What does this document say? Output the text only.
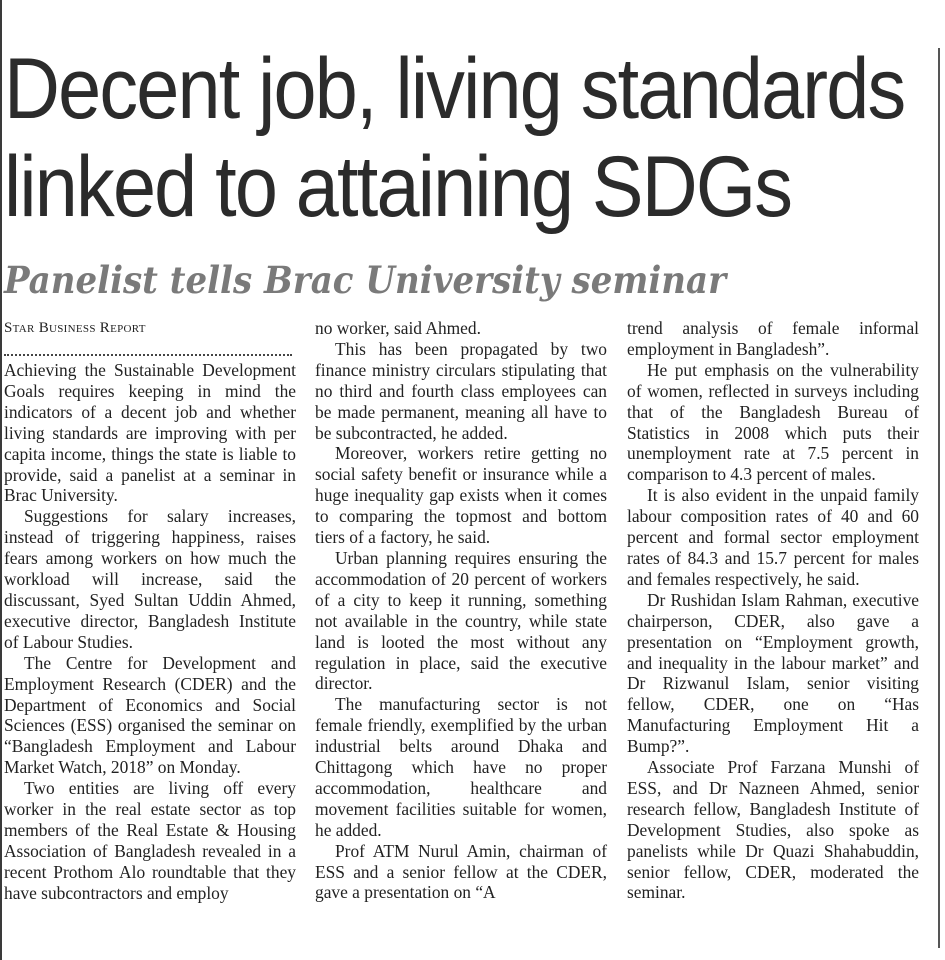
Decent job, living standards
linked to attaining SDGs
Panelist tells Brac University seminar

Star Business Report

Achieving the Sustainable Development Goals requires keeping in mind the indicators of a decent job and whether living standards are improving with per capita income, things the state is liable to provide, said a panelist at a seminar in Brac University.

Suggestions for salary increases, instead of triggering happiness, raises fears among workers on how much the workload will increase, said the discussant, Syed Sultan Uddin Ahmed, executive director, Bangladesh Institute of Labour Studies.

The Centre for Development and Employment Research (CDER) and the Department of Economics and Social Sciences (ESS) organised the seminar on “Bangladesh Employment and Labour Market Watch, 2018” on Monday.

Two entities are living off every worker in the real estate sector as top members of the Real Estate & Housing Association of Bangladesh revealed in a recent Prothom Alo roundtable that they have subcontractors and employ

no worker, said Ahmed.

This has been propagated by two finance ministry circulars stipulating that no third and fourth class employees can be made permanent, meaning all have to be subcontracted, he added.

Moreover, workers retire getting no social safety benefit or insurance while a huge inequality gap exists when it comes to comparing the topmost and bottom tiers of a factory, he said.

Urban planning requires ensuring the accommodation of 20 percent of workers of a city to keep it running, something not available in the country, while state land is looted the most without any regulation in place, said the executive director.

The manufacturing sector is not female friendly, exemplified by the urban industrial belts around Dhaka and Chittagong which have no proper accommodation, healthcare and movement facilities suitable for women, he added.

Prof ATM Nurul Amin, chairman of ESS and a senior fellow at the CDER, gave a presentation on “A

trend analysis of female informal employment in Bangladesh”.

He put emphasis on the vulnerability of women, reflected in surveys including that of the Bangladesh Bureau of Statistics in 2008 which puts their unemployment rate at 7.5 percent in comparison to 4.3 percent of males.

It is also evident in the unpaid family labour composition rates of 40 and 60 percent and formal sector employment rates of 84.3 and 15.7 percent for males and females respectively, he said.

Dr Rushidan Islam Rahman, executive chairperson, CDER, also gave a presentation on “Employment growth, and inequality in the labour market” and Dr Rizwanul Islam, senior visiting fellow, CDER, one on “Has Manufacturing Employment Hit a Bump?”.

Associate Prof Farzana Munshi of ESS, and Dr Nazneen Ahmed, senior research fellow, Bangladesh Institute of Development Studies, also spoke as panelists while Dr Quazi Shahabuddin, senior fellow, CDER, moderated the seminar.
